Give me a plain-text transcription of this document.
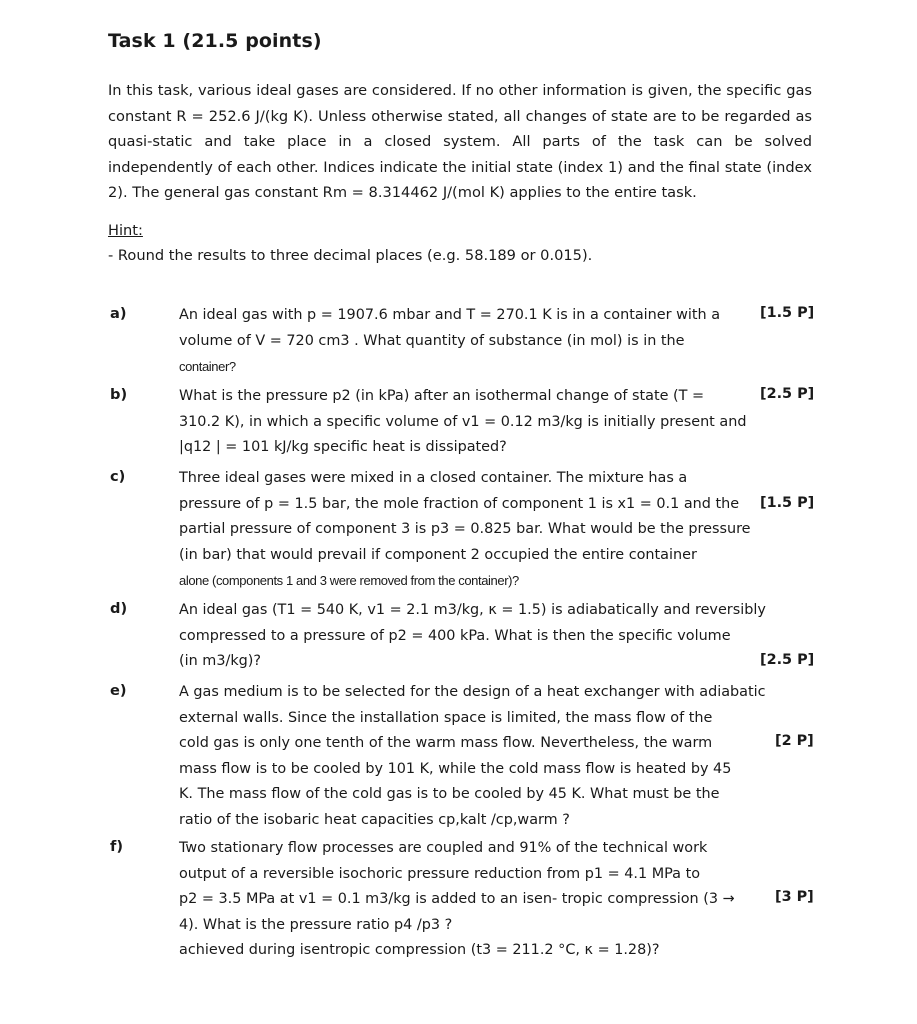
Task 1 (21.5 points)

In this task, various ideal gases are considered. If no other information is given, the specific gas constant R = 252.6 J/(kg K). Unless otherwise stated, all changes of state are to be regarded as quasi-static and take place in a closed system. All parts of the task can be solved independently of each other. Indices indicate the initial state (index 1) and the final state (index 2). The general gas constant Rm = 8.314462 J/(mol K) applies to the entire task.

Hint:
- Round the results to three decimal places (e.g. 58.189 or 0.015).
a)	An ideal gas with p = 1907.6 mbar and T = 270.1 K is in a container with a
volume of V = 720 cm3 . What quantity of substance (in mol) is in the
container?
[1.5 P]
b)	What is the pressure p2 (in kPa) after an isothermal change of state (T =
310.2 K), in which a specific volume of v1 = 0.12 m3/kg is initially present and
|q12 | = 101 kJ/kg specific heat is dissipated?
[2.5 P]
c)	Three ideal gases were mixed in a closed container. The mixture has a
pressure of p = 1.5 bar, the mole fraction of component 1 is x1 = 0.1 and the
partial pressure of component 3 is p3 = 0.825 bar. What would be the pressure
(in bar) that would prevail if component 2 occupied the entire container
alone (components 1 and 3 were removed from the container)?
[1.5 P]
d)	An ideal gas (T1 = 540 K, v1 = 2.1 m3/kg, κ = 1.5) is adiabatically and reversibly
compressed to a pressure of p2 = 400 kPa. What is then the specific volume
(in m3/kg)?	[2.5 P]
e)	A gas medium is to be selected for the design of a heat exchanger with adiabatic
external walls. Since the installation space is limited, the mass flow of the
cold gas is only one tenth of the warm mass flow. Nevertheless, the warm
mass flow is to be cooled by 101 K, while the cold mass flow is heated by 45
K. The mass flow of the cold gas is to be cooled by 45 K. What must be the
ratio of the isobaric heat capacities cp,kalt /cp,warm ?
[2 P]
f)	Two stationary flow processes are coupled and 91% of the technical work
output of a reversible isochoric pressure reduction from p1 = 4.1 MPa to
p2 = 3.5 MPa at v1 = 0.1 m3/kg is added to an isen- tropic compression (3 →
4). What is the pressure ratio p4 /p3 ?
achieved during isentropic compression (t3 = 211.2 °C, κ = 1.28)?
[3 P]
